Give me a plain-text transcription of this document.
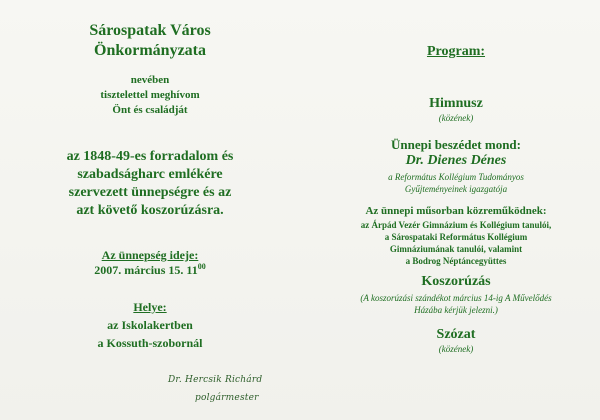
Sárospatak Város
Önkormányzata
nevében
tisztelettel meghívom
Önt és családját
az 1848-49-es forradalom és
szabadságharc emlékére
szervezett ünnepségre és az
azt követő koszorúzásra.
Az ünnepség ideje:
2007. március 15. $11^{00}$
Helye:
az Iskolakertben
a Kossuth-szobornál
Dr. Hercsik Richárd
polgármester
Program:
Himnusz
(közének)
Ünnepi beszédet mond:
Dr. Dienes Dénes
a Református Kollégium Tudományos
Gyűjteményeinek igazgatója
Az ünnepi műsorban közreműködnek:
az Árpád Vezér Gimnázium és Kollégium tanulói,
a Sárospataki Református Kollégium
Gimnáziumának tanulói, valamint
a Bodrog Néptáncegyüttes
Koszorúzás
(A koszorúzási szándékot március 14-ig A Művelődés
Házába kérjük jelezni.)
Szózat
(közének)
